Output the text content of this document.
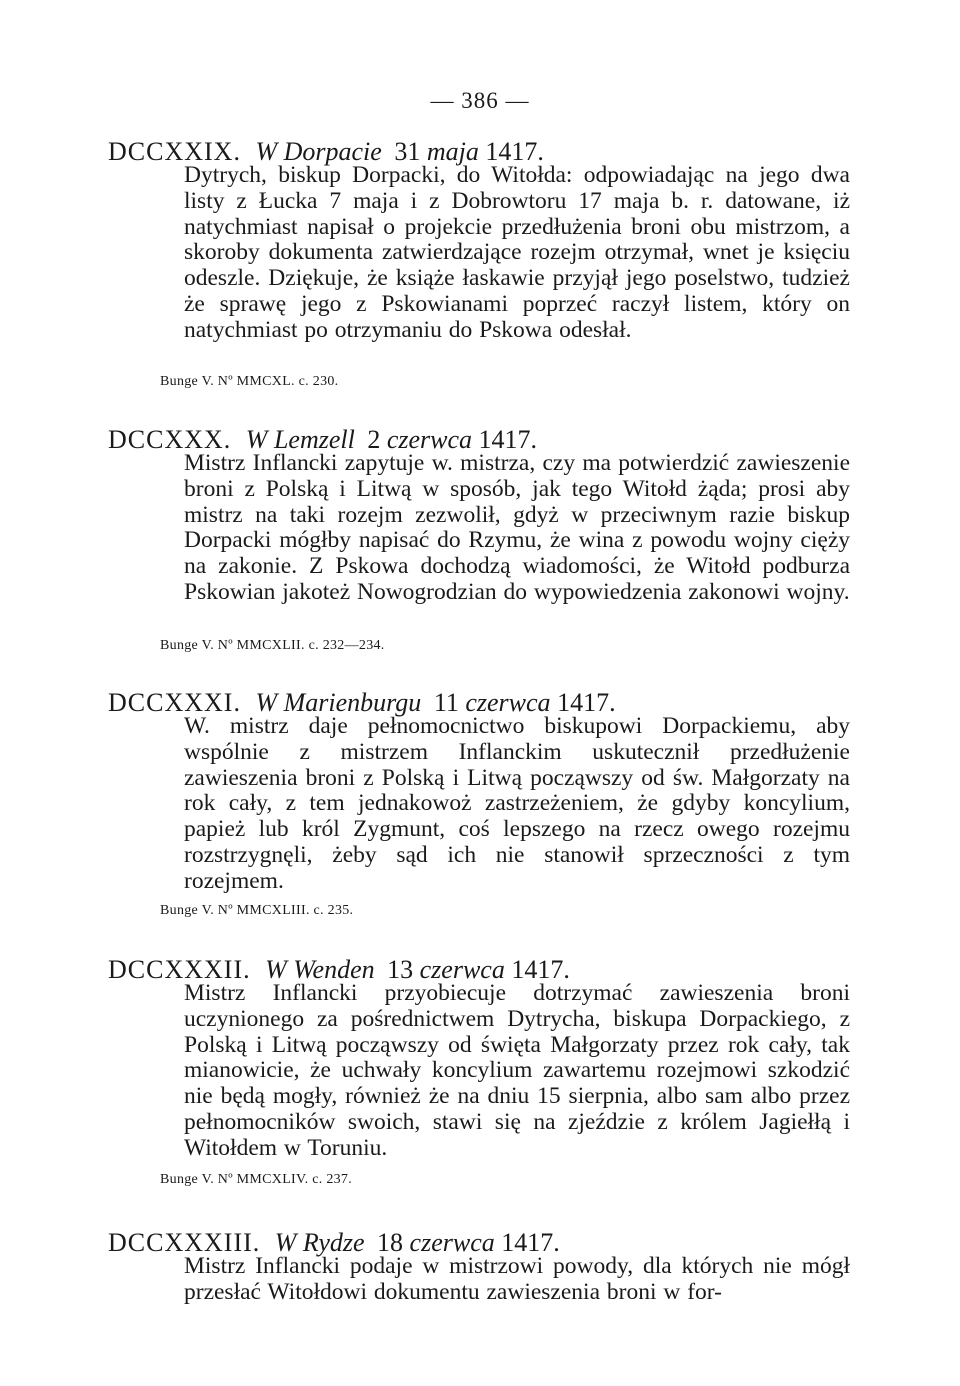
— 386 —
DCCXXIX. W Dorpacie 31 maja 1417.
Dytrych, biskup Dorpacki, do Witołda: odpowiadając na jego dwa listy z Łucka 7 maja i z Dobrowtoru 17 maja b. r. datowane, iż natychmiast napisał o projekcie przedłużenia broni obu mistrzom, a skoroby dokumenta zatwierdzające rozejm otrzymał, wnet je księciu odeszle. Dziękuje, że książe łaskawie przyjął jego poselstwo, tudzież że sprawę jego z Pskowianami poprzeć raczył listem, który on natychmiast po otrzymaniu do Pskowa odesłał.
Bunge V. Nº MMCXL. c. 230.
DCCXXX. W Lemzell 2 czerwca 1417.
Mistrz Inflancki zapytuje w. mistrza, czy ma potwierdzić zawieszenie broni z Polską i Litwą w sposób, jak tego Witołd żąda; prosi aby mistrz na taki rozejm zezwolił, gdyż w przeciwnym razie biskup Dorpacki mógłby napisać do Rzymu, że wina z powodu wojny cięży na zakonie. Z Pskowa dochodzą wiadomości, że Witołd podburza Pskowian jakoteż Nowogrodzian do wypowiedzenia zakonowi wojny.
Bunge V. Nº MMCXLII. c. 232—234.
DCCXXXI. W Marienburgu 11 czerwca 1417.
W. mistrz daje pełnomocnictwo biskupowi Dorpackiemu, aby wspólnie z mistrzem Inflanckim uskutecznił przedłużenie zawieszenia broni z Polską i Litwą począwszy od św. Małgorzaty na rok cały, z tem jednakowoż zastrzeżeniem, że gdyby koncylium, papież lub król Zygmunt, coś lepszego na rzecz owego rozejmu rozstrzygnęli, żeby sąd ich nie stanowił sprzeczności z tym rozejmem.
Bunge V. Nº MMCXLIII. c. 235.
DCCXXXII. W Wenden 13 czerwca 1417.
Mistrz Inflancki przyobiecuje dotrzymać zawieszenia broni uczynionego za pośrednictwem Dytrycha, biskupa Dorpackiego, z Polską i Litwą począwszy od święta Małgorzaty przez rok cały, tak mianowicie, że uchwały koncylium zawartemu rozejmowi szkodzić nie będą mogły, również że na dniu 15 sierpnia, albo sam albo przez pełnomocników swoich, stawi się na zjeździe z królem Jagiełłą i Witołdem w Toruniu.
Bunge V. Nº MMCXLIV. c. 237.
DCCXXXIII. W Rydze 18 czerwca 1417.
Mistrz Inflancki podaje w mistrzowi powody, dla których nie mógł przesłać Witołdowi dokumentu zawieszenia broni w for-
